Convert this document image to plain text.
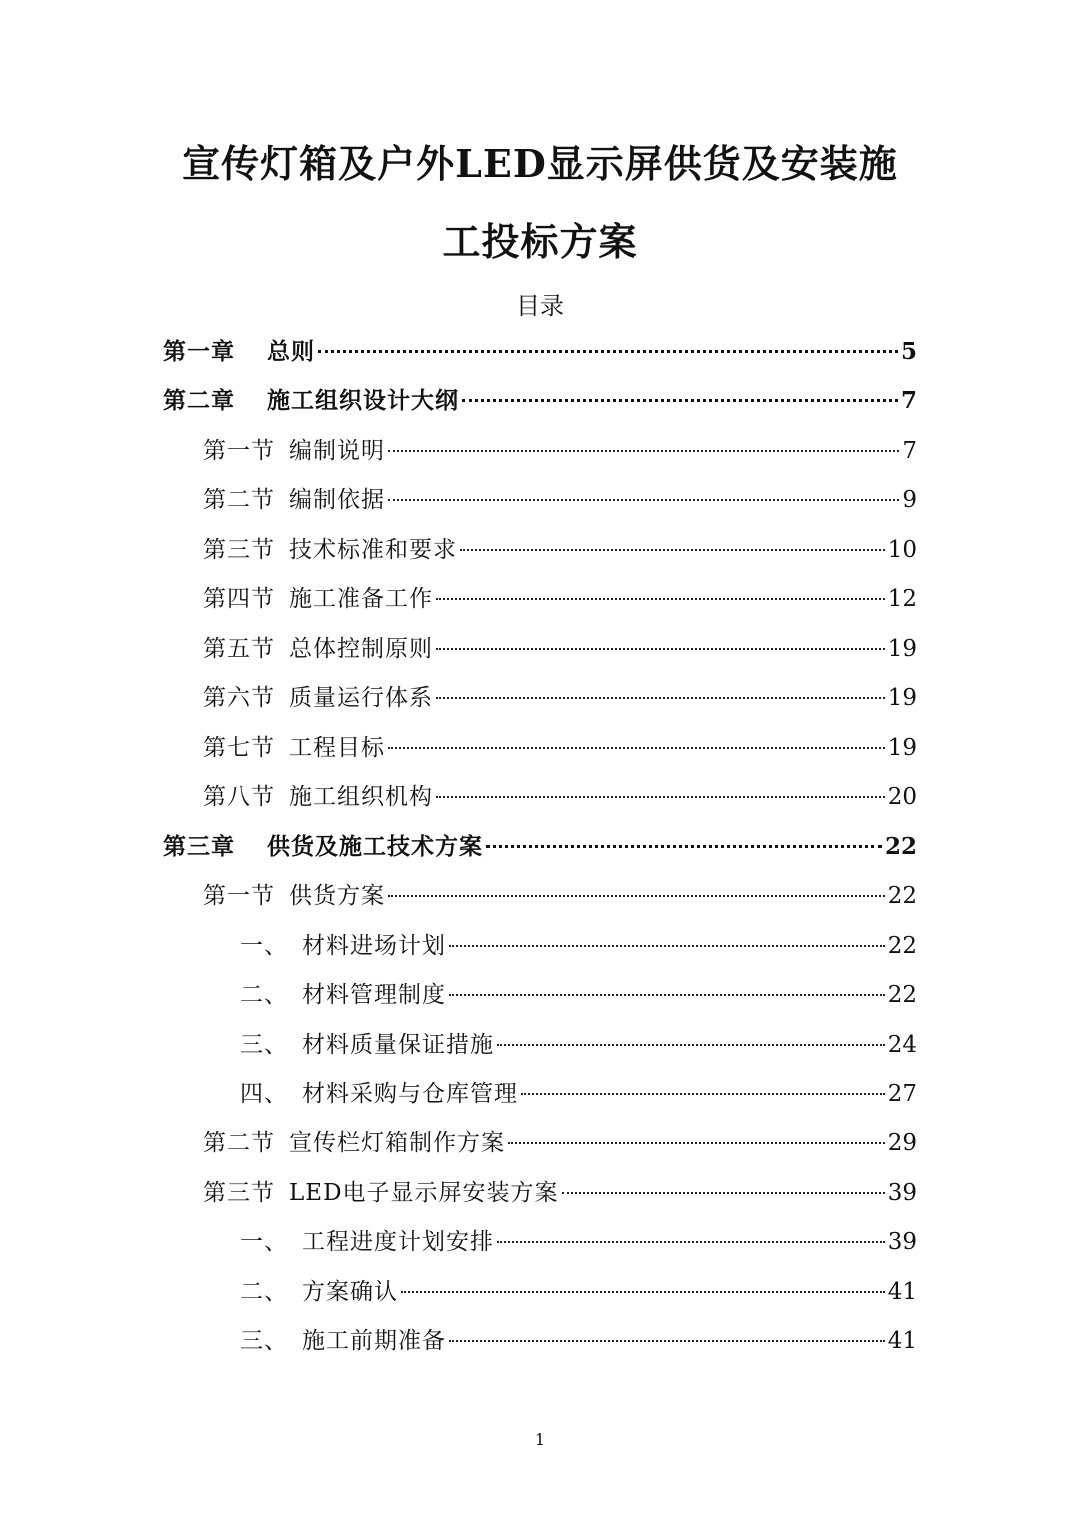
宣传灯箱及户外LED显示屏供货及安装施
工投标方案
目录
第一章	总则	5
第二章	施工组织设计大纲	7
第一节 编制说明	7
第二节 编制依据	9
第三节 技术标准和要求	10
第四节 施工准备工作	12
第五节 总体控制原则	19
第六节 质量运行体系	19
第七节 工程目标	19
第八节 施工组织机构	20
第三章	供货及施工技术方案	22
第一节 供货方案	22
一、 材料进场计划	22
二、 材料管理制度	22
三、 材料质量保证措施	24
四、 材料采购与仓库管理	27
第二节 宣传栏灯箱制作方案	29
第三节 LED电子显示屏安装方案	39
一、 工程进度计划安排	39
二、 方案确认	41
三、 施工前期准备	41
1
